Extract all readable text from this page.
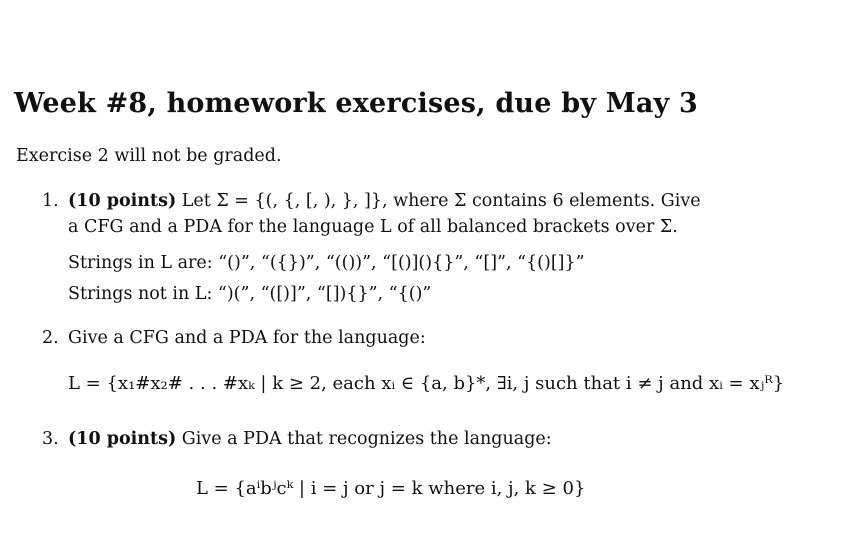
Week #8, homework exercises, due by May 3
Exercise 2 will not be graded.
1. (10 points) Let Σ = {(, {, [, ), }, ]}, where Σ contains 6 elements. Give
a CFG and a PDA for the language L of all balanced brackets over Σ.
Strings in L are: “()”, “({})”, “(())”, “[()](){}”, “[]”, “{()[]}”
Strings not in L: “)(”, “([)]”, “[]){}”, “{()”
2. Give a CFG and a PDA for the language:
L = {x₁#x₂# . . . #xₖ | k ≥ 2, each xᵢ ∈ {a, b}*, ∃i, j such that i ≠ j and xᵢ = xⱼᴿ}
3. (10 points) Give a PDA that recognizes the language:
L = {aⁱbʲcᵏ | i = j or j = k where i, j, k ≥ 0}
